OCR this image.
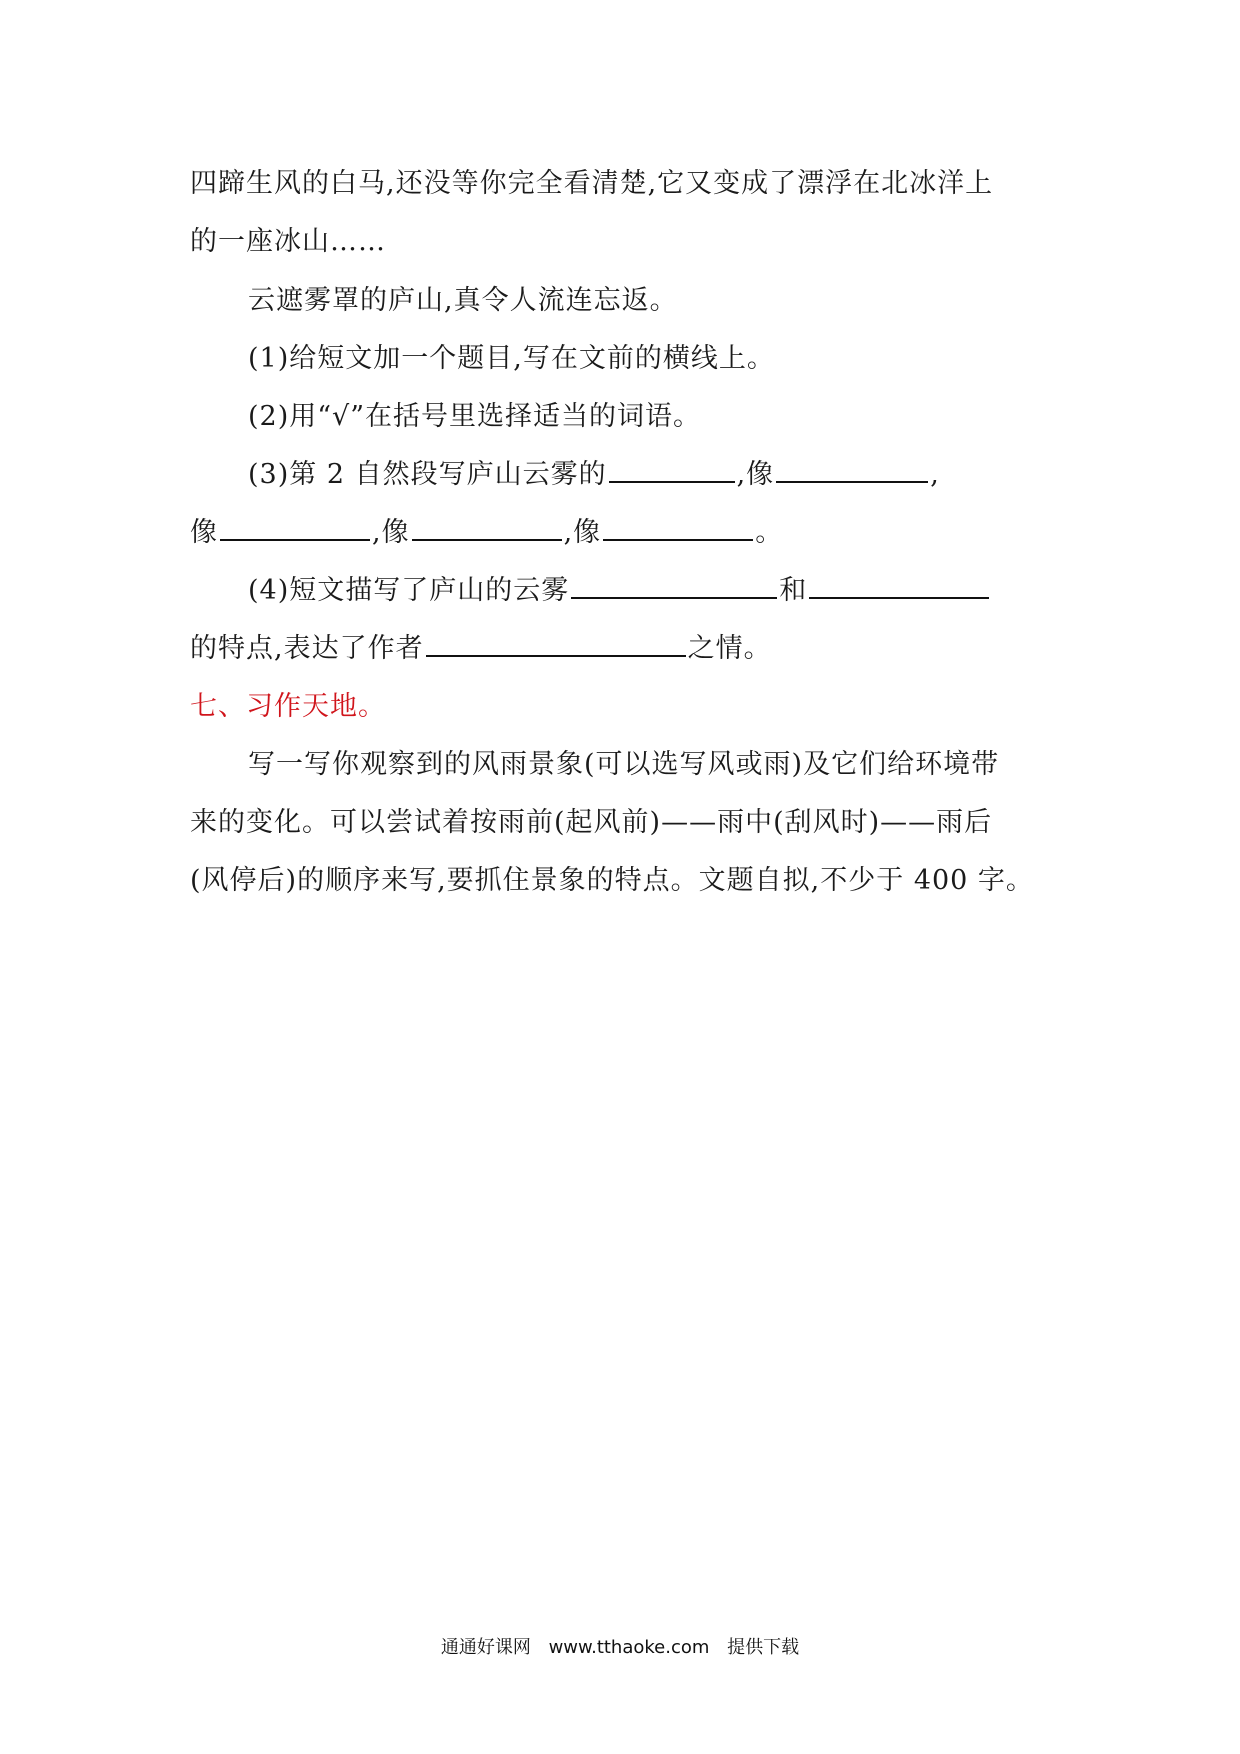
四蹄生风的白马,还没等你完全看清楚,它又变成了漂浮在北冰洋上
的一座冰山……
云遮雾罩的庐山,真令人流连忘返。
(1)给短文加一个题目,写在文前的横线上。
(2)用“√”在括号里选择适当的词语。
(3)第 2 自然段写庐山云雾的	,像	,
像	,像	,像	。
(4)短文描写了庐山的云雾	和
的特点,表达了作者	之情。
七、习作天地。
写一写你观察到的风雨景象(可以选写风或雨)及它们给环境带
来的变化。可以尝试着按雨前(起风前)——雨中(刮风时)——雨后
(风停后)的顺序来写,要抓住景象的特点。文题自拟,不少于 400 字。
通通好课网 www.tthaoke.com 提供下载
